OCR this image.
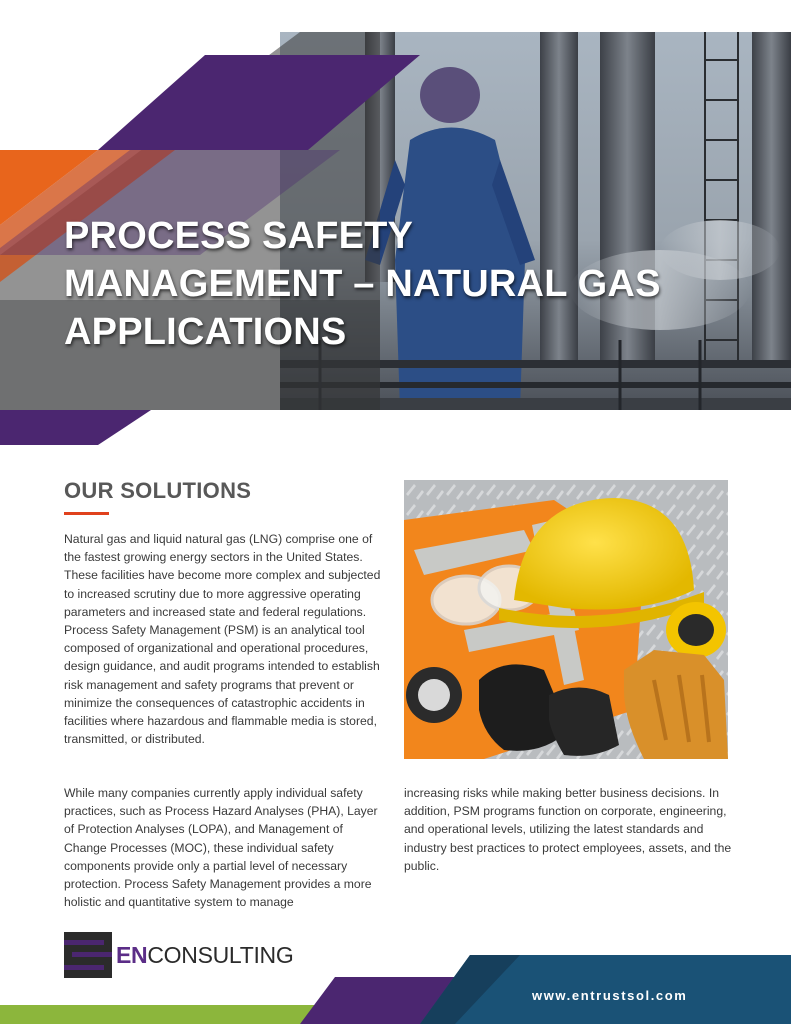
PROCESS SAFETY MANAGEMENT – NATURAL GAS APPLICATIONS
OUR SOLUTIONS

Natural gas and liquid natural gas (LNG) comprise one of the fastest growing energy sectors in the United States. These facilities have become more complex and subjected to increased scrutiny due to more aggressive operating parameters and increased state and federal regulations. Process Safety Management (PSM) is an analytical tool composed of organizational and operational procedures, design guidance, and audit programs intended to establish risk management and safety programs that prevent or minimize the consequences of catastrophic accidents in facilities where hazardous and flammable media is stored, transmitted, or distributed.

While many companies currently apply individual safety practices, such as Process Hazard Analyses (PHA), Layer of Protection Analyses (LOPA), and Management of Change Processes (MOC), these individual safety components provide only a partial level of necessary protection. Process Safety Management provides a more holistic and quantitative system to manage

increasing risks while making better business decisions. In addition, PSM programs function on corporate, engineering, and operational levels, utilizing the latest standards and industry best practices to protect employees, assets, and the public.

ENCONSULTING
www.entrustsol.com
